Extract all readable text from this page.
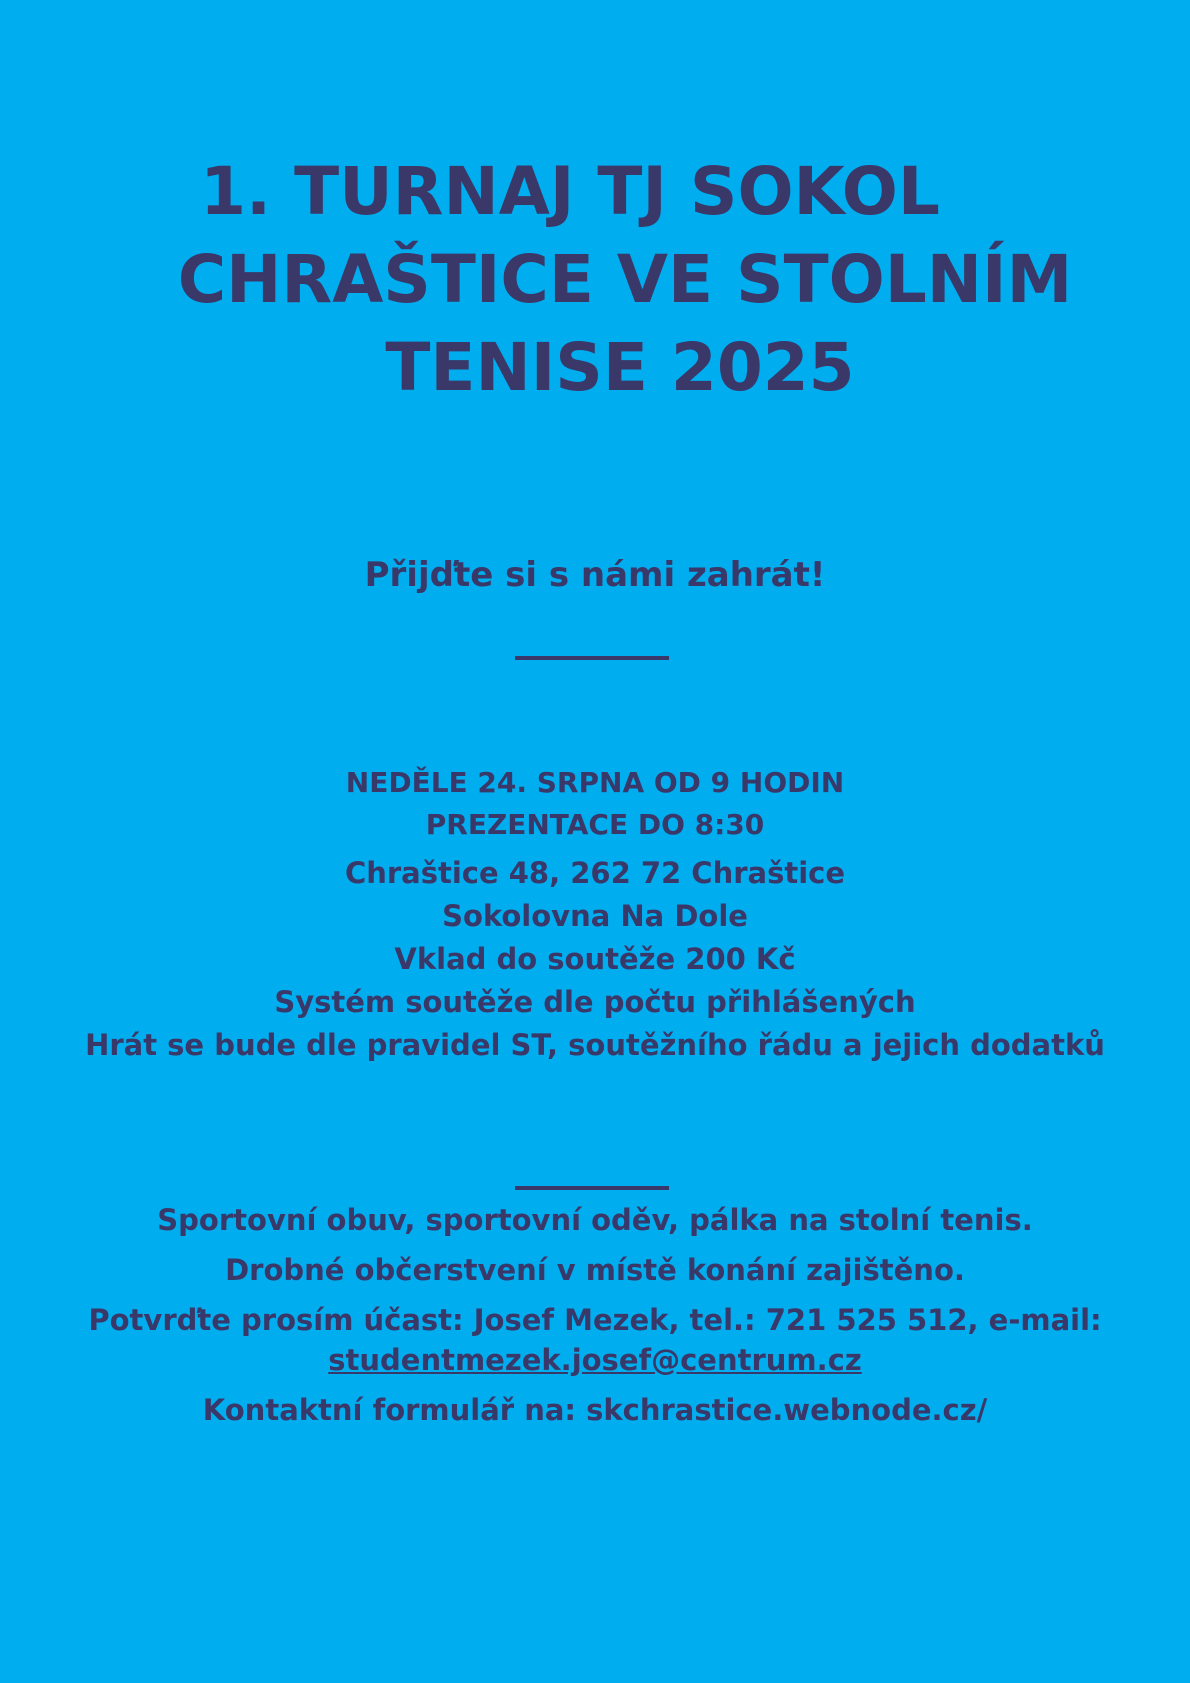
1. TURNAJ TJ SOKOL
CHRAŠTICE VE STOLNÍM
TENISE 2025
Přijďte si s námi zahrát!
NEDĚLE 24. SRPNA OD 9 HODIN
PREZENTACE DO 8:30
Chraštice 48, 262 72 Chraštice
Sokolovna Na Dole
Vklad do soutěže 200 Kč
Systém soutěže dle počtu přihlášených
Hrát se bude dle pravidel ST, soutěžního řádu a jejich dodatků
Sportovní obuv, sportovní oděv, pálka na stolní tenis.
Drobné občerstvení v místě konání zajištěno.
Potvrďte prosím účast: Josef Mezek, tel.: 721 525 512, e-mail:
studentmezek.josef@centrum.cz
Kontaktní formulář na: skchrastice.webnode.cz/
